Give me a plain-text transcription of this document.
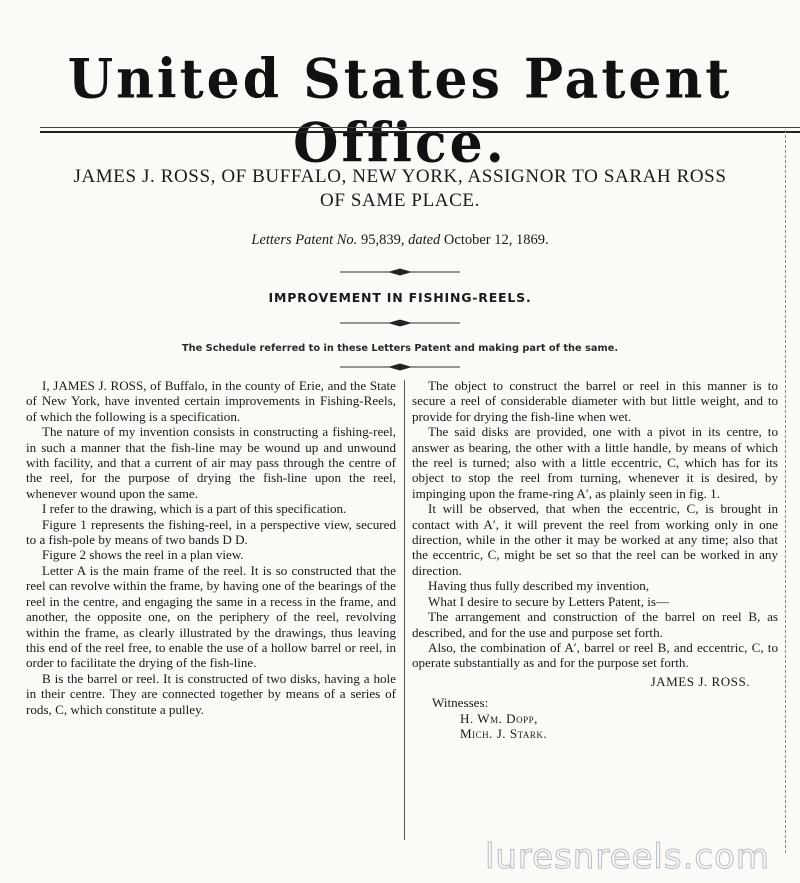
United States Patent Office.
JAMES J. ROSS, OF BUFFALO, NEW YORK, ASSIGNOR TO SARAH ROSS
OF SAME PLACE.
Letters Patent No. 95,839, dated October 12, 1869.
IMPROVEMENT IN FISHING-REELS.
The Schedule referred to in these Letters Patent and making part of the same.

I, JAMES J. ROSS, of Buffalo, in the county of Erie, and the State of New York, have invented certain improvements in Fishing-Reels, of which the following is a specification.

The nature of my invention consists in constructing a fishing-reel, in such a manner that the fish-line may be wound up and unwound with facility, and that a current of air may pass through the centre of the reel, for the purpose of drying the fish-line upon the reel, whenever wound upon the same.

I refer to the drawing, which is a part of this specification.

Figure 1 represents the fishing-reel, in a perspective view, secured to a fish-pole by means of two bands D D.

Figure 2 shows the reel in a plan view.

Letter A is the main frame of the reel. It is so constructed that the reel can revolve within the frame, by having one of the bearings of the reel in the centre, and engaging the same in a recess in the frame, and another, the opposite one, on the periphery of the reel, revolving within the frame, as clearly illustrated by the drawings, thus leaving this end of the reel free, to enable the use of a hollow barrel or reel, in order to facilitate the drying of the fish-line.

B is the barrel or reel. It is constructed of two disks, having a hole in their centre. They are connected together by means of a series of rods, C, which constitute a pulley.

The object to construct the barrel or reel in this manner is to secure a reel of considerable diameter with but little weight, and to provide for drying the fish-line when wet.

The said disks are provided, one with a pivot in its centre, to answer as bearing, the other with a little handle, by means of which the reel is turned; also with a little eccentric, C, which has for its object to stop the reel from turning, whenever it is desired, by impinging upon the frame-ring A′, as plainly seen in fig. 1.

It will be observed, that when the eccentric, C, is brought in contact with A′, it will prevent the reel from working only in one direction, while in the other it may be worked at any time; also that the eccentric, C, might be set so that the reel can be worked in any direction.

Having thus fully described my invention,

What I desire to secure by Letters Patent, is—

The arrangement and construction of the barrel on reel B, as described, and for the use and purpose set forth.

Also, the combination of A′, barrel or reel B, and eccentric, C, to operate substantially as and for the purpose set forth.

JAMES J. ROSS.
Witnesses:
H. Wm. Dopp,
Mich. J. Stark.
luresnreels.com
